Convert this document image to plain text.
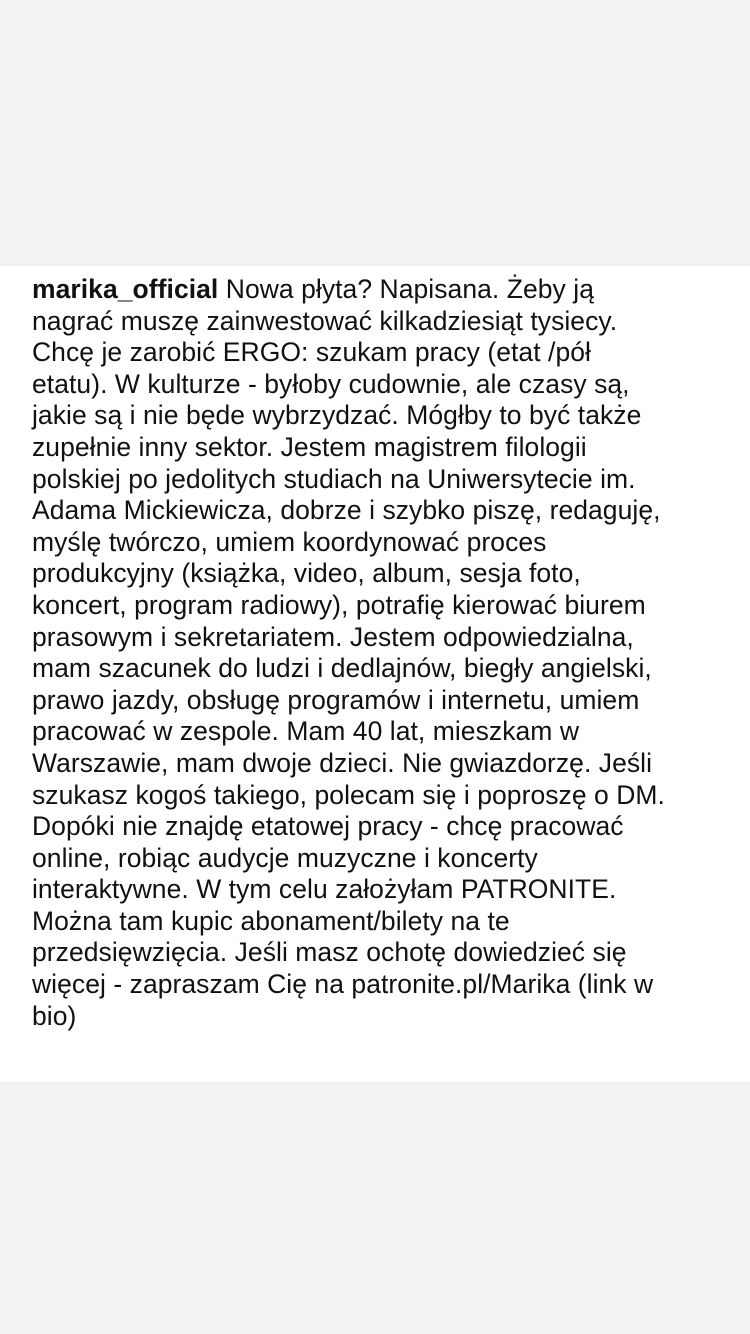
marika_official Nowa płyta? Napisana. Żeby ją
nagrać muszę zainwestować kilkadziesiąt tysiecy.
Chcę je zarobić ERGO: szukam pracy (etat /pół
etatu). W kulturze - byłoby cudownie, ale czasy są,
jakie są i nie będe wybrzydzać. Mógłby to być także
zupełnie inny sektor. Jestem magistrem filologii
polskiej po jedolitych studiach na Uniwersytecie im.
Adama Mickiewicza, dobrze i szybko piszę, redaguję,
myślę twórczo, umiem koordynować proces
produkcyjny (książka, video, album, sesja foto,
koncert, program radiowy), potrafię kierować biurem
prasowym i sekretariatem. Jestem odpowiedzialna,
mam szacunek do ludzi i dedlajnów, biegły angielski,
prawo jazdy, obsługę programów i internetu, umiem
pracować w zespole. Mam 40 lat, mieszkam w
Warszawie, mam dwoje dzieci. Nie gwiazdorzę. Jeśli
szukasz kogoś takiego, polecam się i poproszę o DM.
Dopóki nie znajdę etatowej pracy - chcę pracować
online, robiąc audycje muzyczne i koncerty
interaktywne. W tym celu założyłam PATRONITE.
Można tam kupic abonament/bilety na te
przedsięwzięcia. Jeśli masz ochotę dowiedzieć się
więcej - zapraszam Cię na patronite.pl/Marika (link w
bio)
